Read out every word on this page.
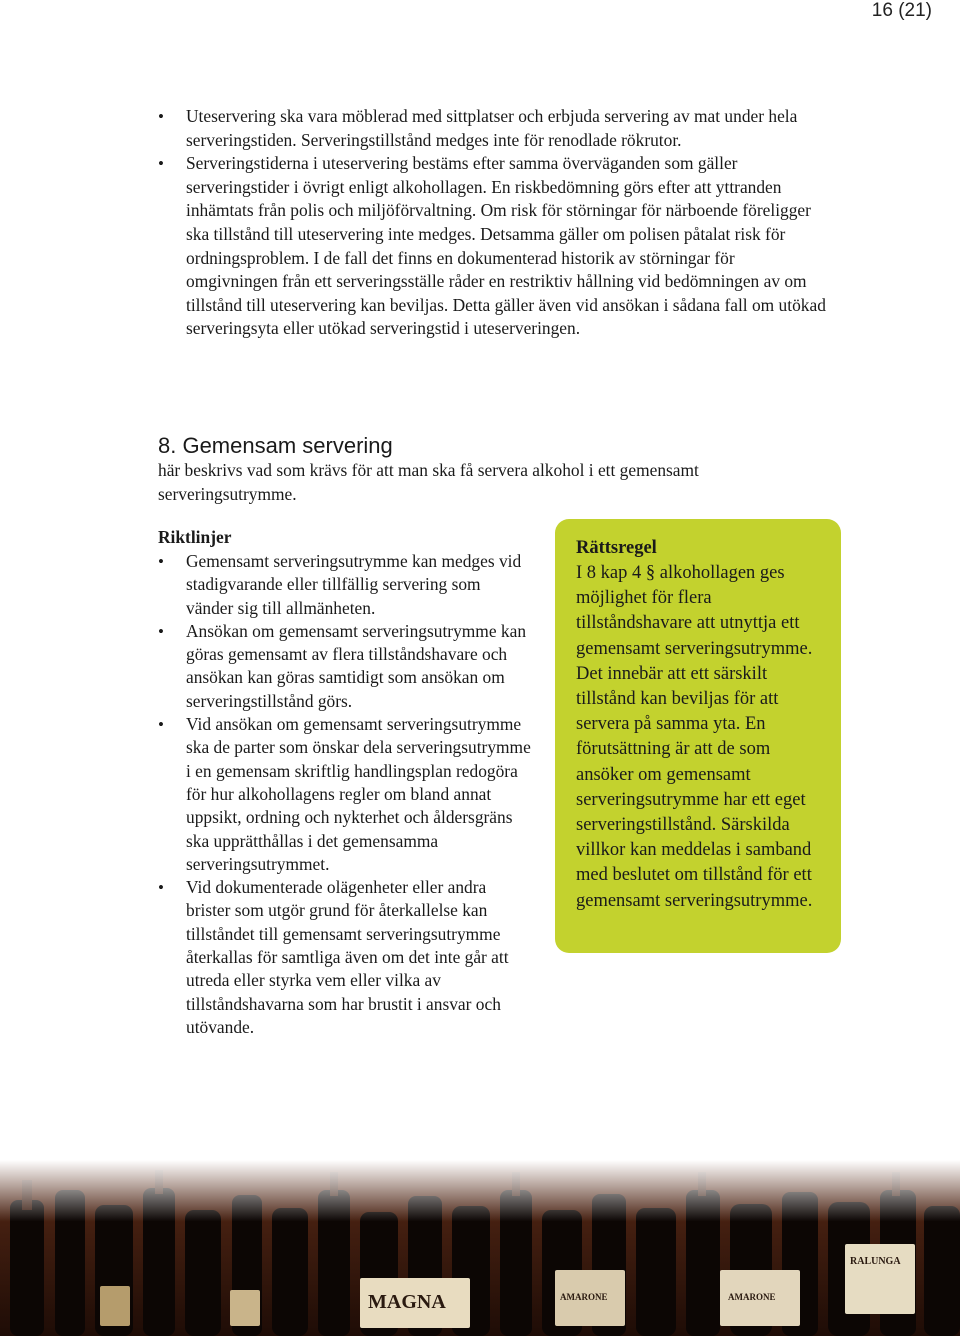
16 (21)
• Uteservering ska vara möblerad med sittplatser och erbjuda servering av mat under hela serveringstiden. Serveringstillstånd medges inte för renodlade rökrutor.
• Serveringstiderna i uteservering bestäms efter samma överväganden som gäller serveringstider i övrigt enligt alkohollagen. En riskbedömning görs efter att yttranden inhämtats från polis och miljöförvaltning. Om risk för störningar för närboende föreligger ska tillstånd till uteservering inte medges. Detsamma gäller om polisen påtalat risk för ordningsproblem. I de fall det finns en dokumenterad historik av störningar för omgivningen från ett serveringsställe råder en restriktiv hållning vid bedömningen av om tillstånd till uteservering kan beviljas. Detta gäller även vid ansökan i sådana fall om utökad serveringsyta eller utökad serveringstid i uteserveringen.
8. Gemensam servering
här beskrivs vad som krävs för att man ska få servera alkohol i ett gemensamt serveringsutrymme.
Riktlinjer
• Gemensamt serveringsutrymme kan medges vid stadigvarande eller tillfällig servering som vänder sig till allmänheten.
• Ansökan om gemensamt serveringsutrymme kan göras gemensamt av flera tillståndshavare och ansökan kan göras samtidigt som ansökan om serveringstillstånd görs.
• Vid ansökan om gemensamt serveringsutrymme ska de parter som önskar dela serveringsutrymme i en gemensam skriftlig handlingsplan redogöra för hur alkohollagens regler om bland annat uppsikt, ordning och nykterhet och åldersgräns ska upprätthållas i det gemensamma serveringsutrymmet.
• Vid dokumenterade olägenheter eller andra brister som utgör grund för återkallelse kan tillståndet till gemensamt serveringsutrymme återkallas för samtliga även om det inte går att utreda eller styrka vem eller vilka av tillståndshavarna som har brustit i ansvar och utövande.

Rättsregel

I 8 kap 4 § alkohollagen ges möjlighet för flera tillståndshavare att utnyttja ett gemensamt serveringsutrymme. Det innebär att ett särskilt tillstånd kan beviljas för att servera på samma yta. En förutsättning är att de som ansöker om gemensamt serveringsutrymme har ett eget serveringstillstånd. Särskilda villkor kan meddelas i samband med beslutet om tillstånd för ett gemensamt serveringsutrymme.
